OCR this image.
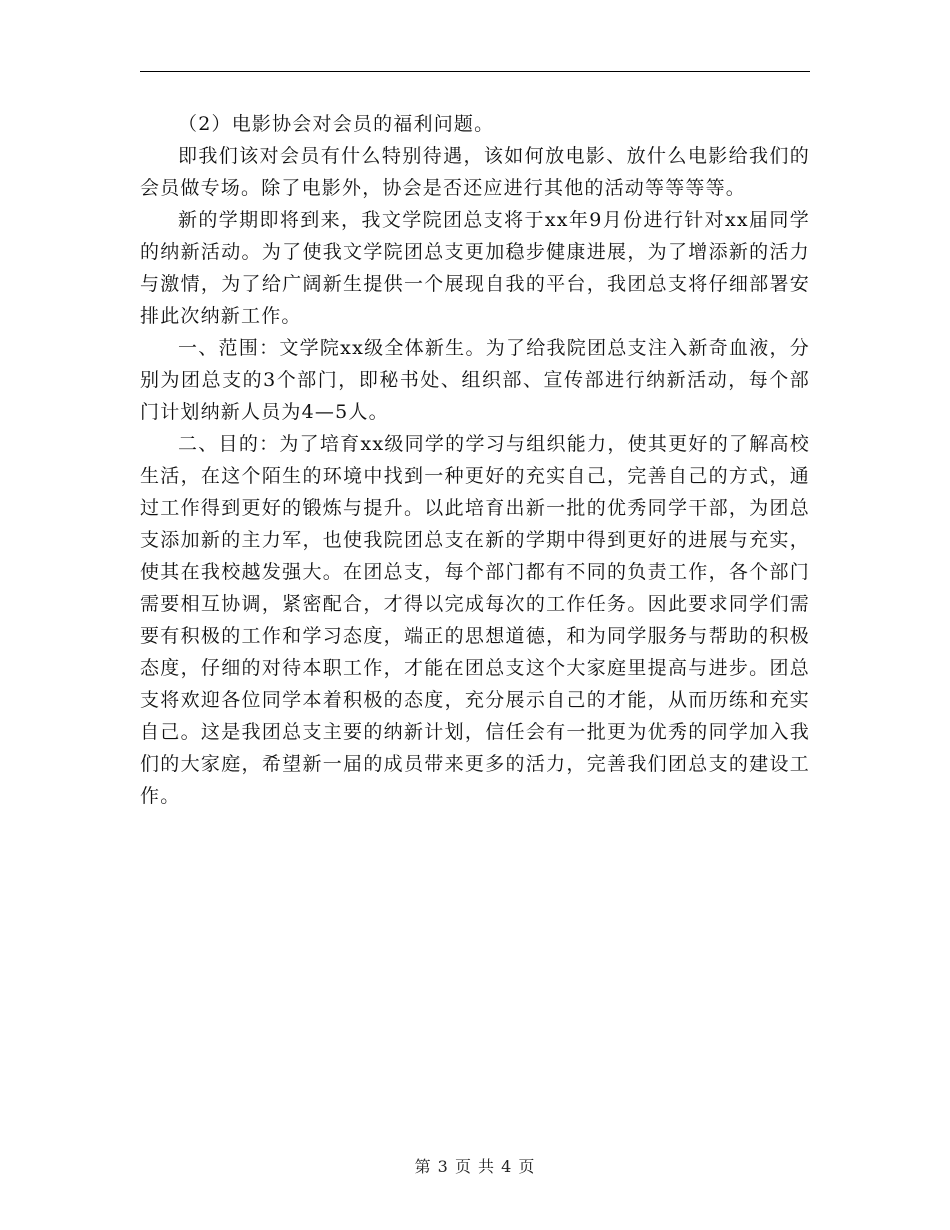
（2）电影协会对会员的福利问题。

即我们该对会员有什么特别待遇，该如何放电影、放什么电影给我们的会员做专场。除了电影外，协会是否还应进行其他的活动等等等等。

新的学期即将到来，我文学院团总支将于xx年9月份进行针对xx届同学的纳新活动。为了使我文学院团总支更加稳步健康进展，为了增添新的活力与激情，为了给广阔新生提供一个展现自我的平台，我团总支将仔细部署安排此次纳新工作。

一、范围：文学院xx级全体新生。为了给我院团总支注入新奇血液，分别为团总支的3个部门，即秘书处、组织部、宣传部进行纳新活动，每个部门计划纳新人员为4—5人。

二、目的：为了培育xx级同学的学习与组织能力，使其更好的了解高校生活，在这个陌生的环境中找到一种更好的充实自己，完善自己的方式，通过工作得到更好的锻炼与提升。以此培育出新一批的优秀同学干部，为团总支添加新的主力军，也使我院团总支在新的学期中得到更好的进展与充实，使其在我校越发强大。在团总支，每个部门都有不同的负责工作，各个部门需要相互协调，紧密配合，才得以完成每次的工作任务。因此要求同学们需要有积极的工作和学习态度，端正的思想道德，和为同学服务与帮助的积极态度，仔细的对待本职工作，才能在团总支这个大家庭里提高与进步。团总支将欢迎各位同学本着积极的态度，充分展示自己的才能，从而历练和充实自己。这是我团总支主要的纳新计划，信任会有一批更为优秀的同学加入我们的大家庭，希望新一届的成员带来更多的活力，完善我们团总支的建设工作。

第 3 页 共 4 页
